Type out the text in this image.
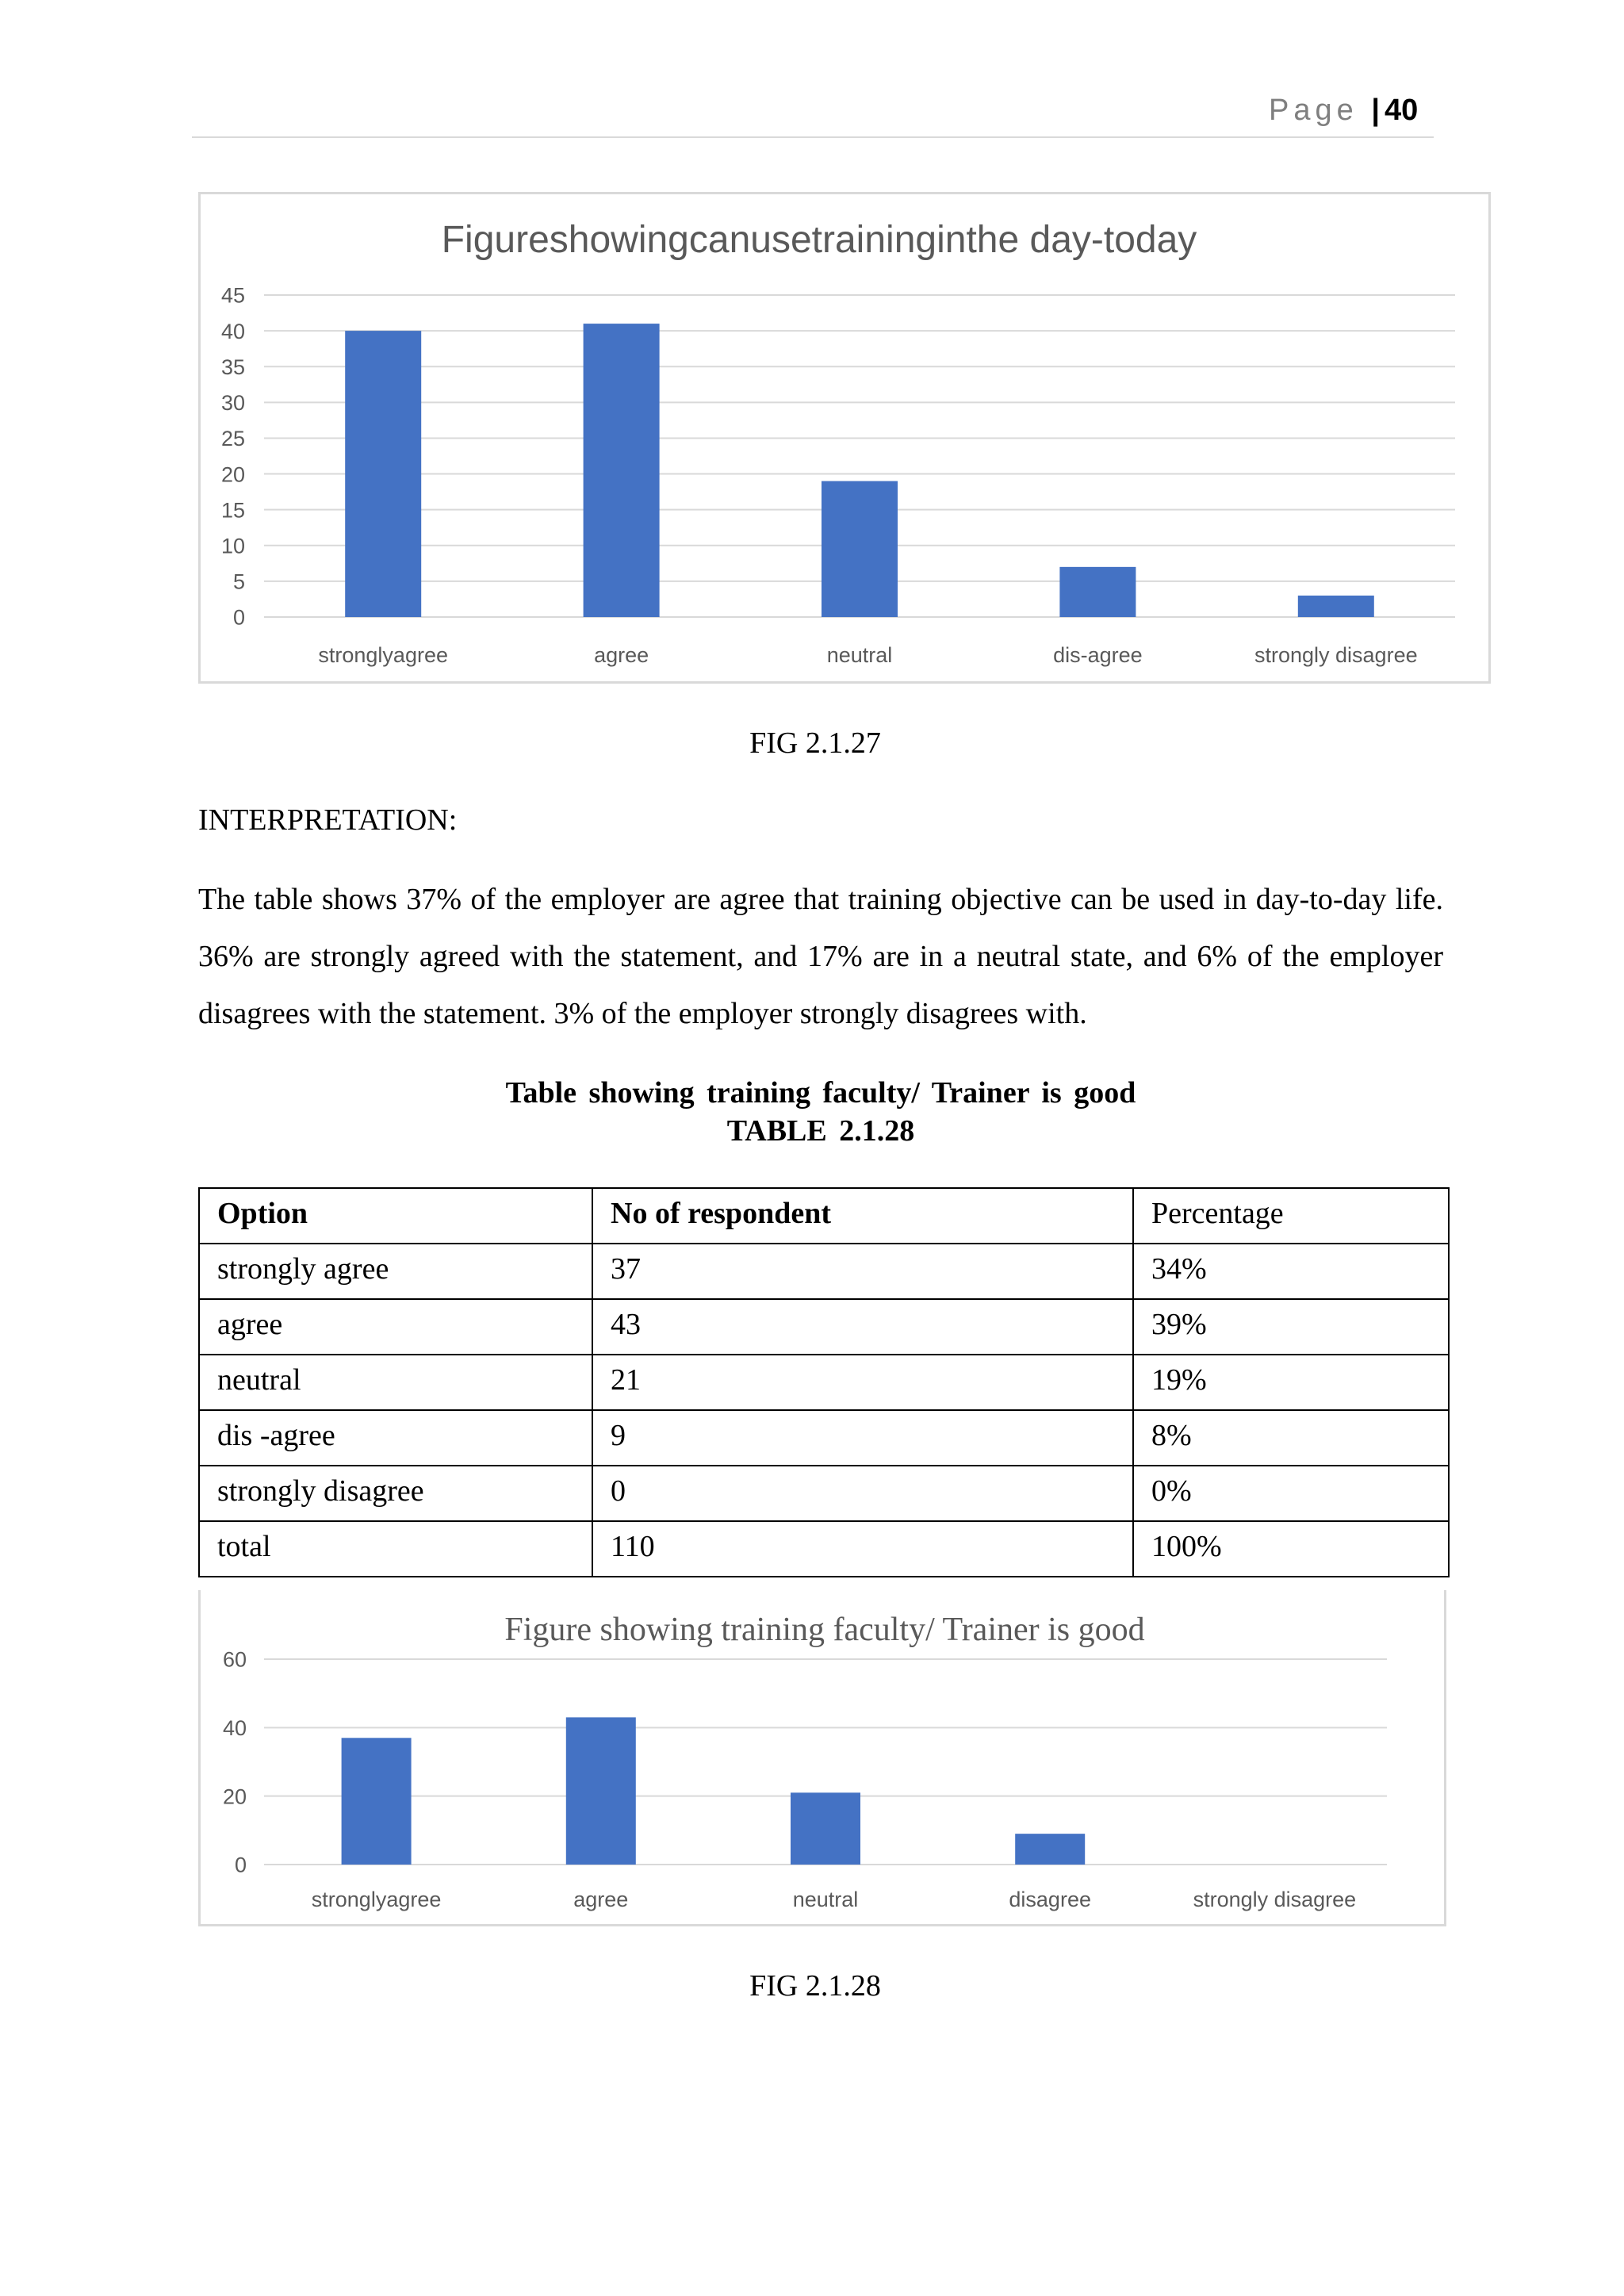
Page | 40
Figureshowingcanusetraininginthe day-today
0
5
10
15
20
25
30
35
40
45
stronglyagree	agree	neutral	dis-agree	strongly disagree
FIG 2.1.27
INTERPRETATION:
The table shows 37% of the employer are agree that training objective can be used in day-to-day life. 36% are strongly agreed with the statement, and 17% are in a neutral state, and 6% of the employer disagrees with the statement. 3% of the employer strongly disagrees with.
Table showing training faculty/ Trainer is good
TABLE 2.1.28
Option	No of respondent	Percentage
strongly agree	37	34%
agree	43	39%
neutral	21	19%
dis -agree	9	8%
strongly disagree	0	0%
total	110	100%
Figure showing training faculty/ Trainer is good
0
20
40
60
stronglyagree	agree	neutral	disagree	strongly disagree
FIG 2.1.28
